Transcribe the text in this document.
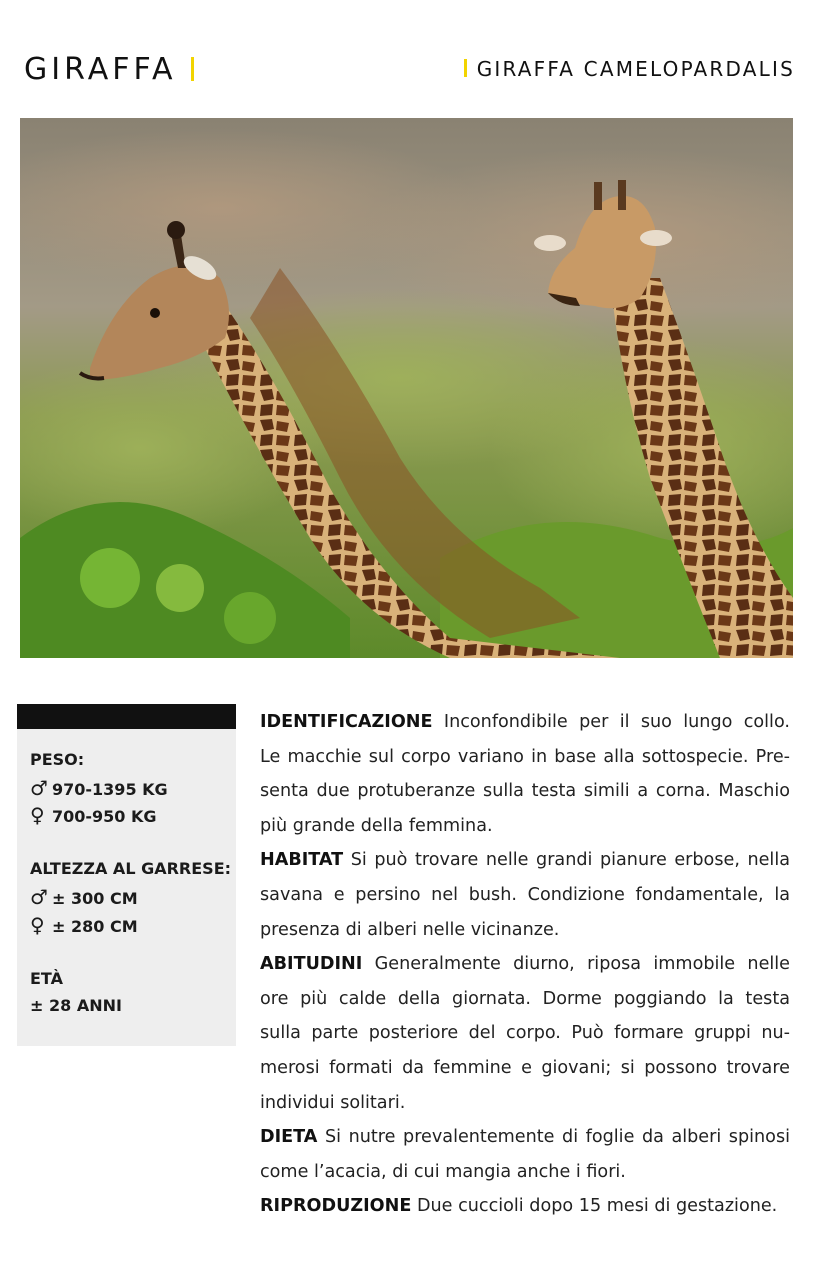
GIRAFFA	GIRAFFA CAMELOPARDALIS
PESO:
♂ 970-1395 KG
♀ 700-950 KG
ALTEZZA AL GARRESE:
♂ ± 300 CM
♀ ± 280 CM
ETÀ
± 28 ANNI
IDENTIFICAZIONE Inconfondibile per il suo lungo collo.
Le macchie sul corpo variano in base alla sottospecie. Pre-
senta due protuberanze sulla testa simili a corna. Maschio
più grande della femmina.
HABITAT Si può trovare nelle grandi pianure erbose, nella
savana e persino nel bush. Condizione fondamentale, la
presenza di alberi nelle vicinanze.
ABITUDINI Generalmente diurno, riposa immobile nelle
ore più calde della giornata. Dorme poggiando la testa
sulla parte posteriore del corpo. Può formare gruppi nu-
merosi formati da femmine e giovani; si possono trovare
individui solitari.
DIETA Si nutre prevalentemente di foglie da alberi spinosi
come l’acacia, di cui mangia anche i fiori.
RIPRODUZIONE Due cuccioli dopo 15 mesi di gestazione.
